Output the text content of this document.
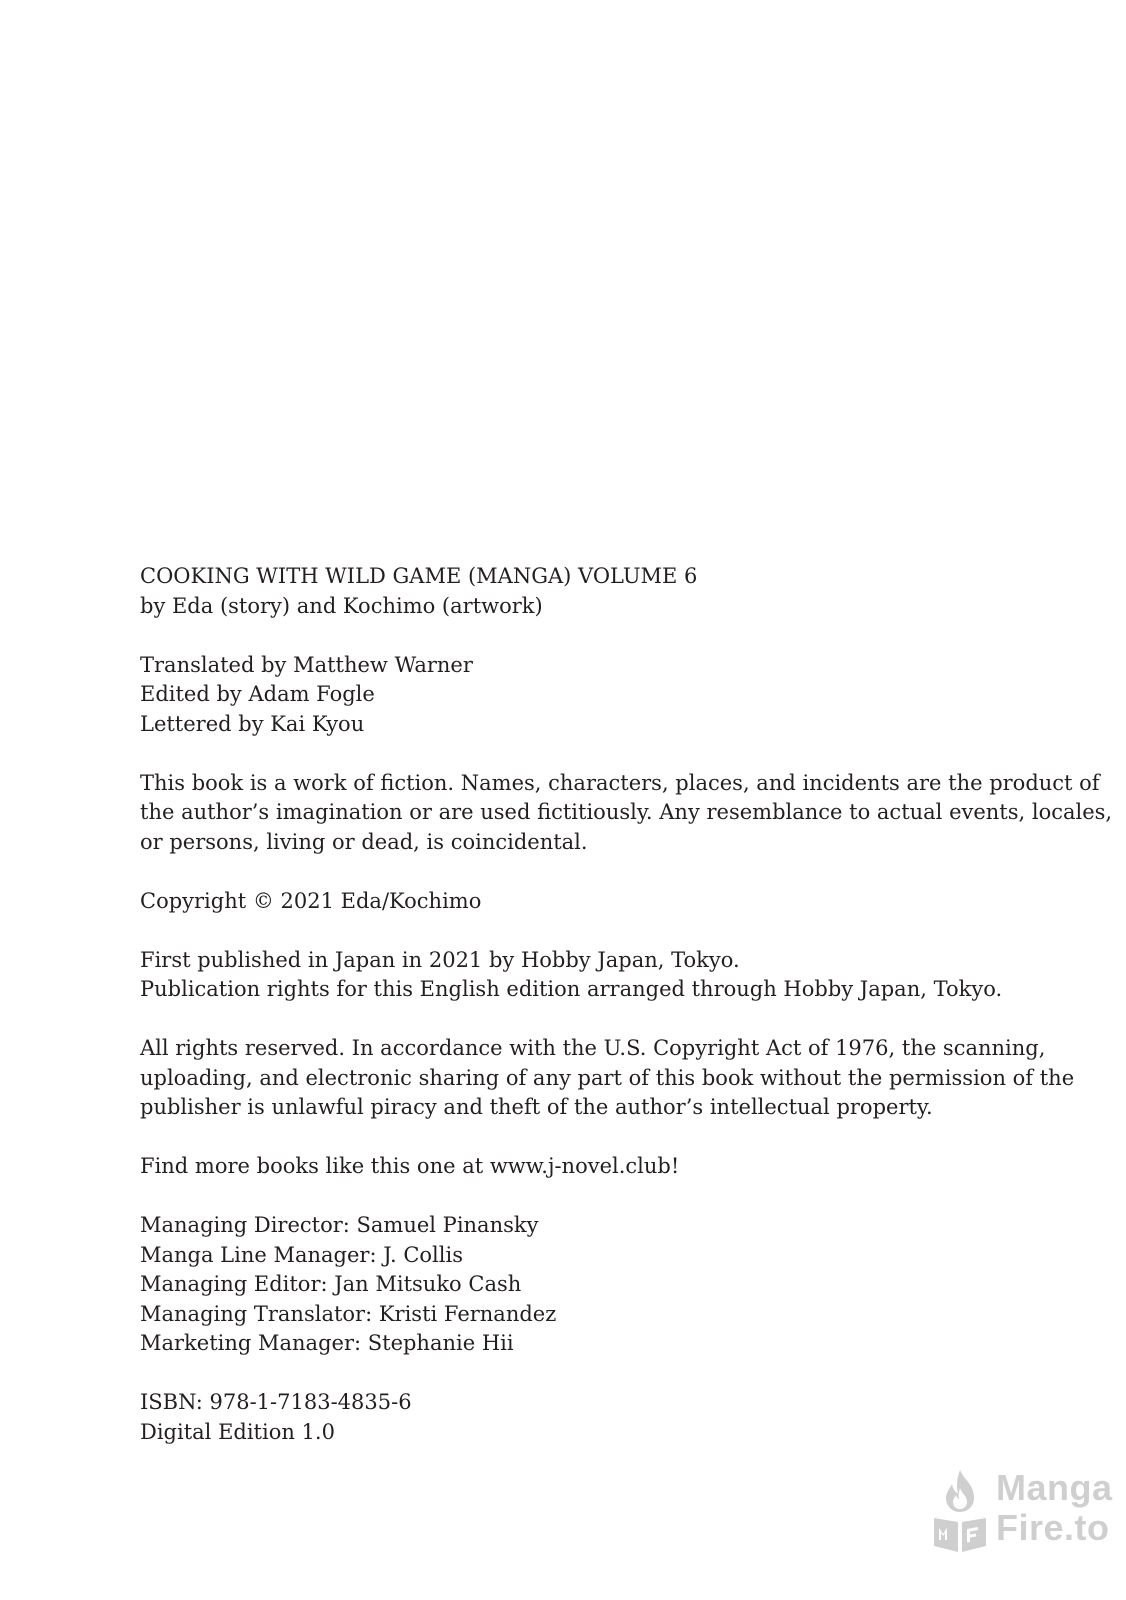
COOKING WITH WILD GAME (MANGA) VOLUME 6
by Eda (story) and Kochimo (artwork)

Translated by Matthew Warner
Edited by Adam Fogle
Lettered by Kai Kyou

This book is a work of fiction. Names, characters, places, and incidents are the product of
the author’s imagination or are used fictitiously. Any resemblance to actual events, locales,
or persons, living or dead, is coincidental.

Copyright © 2021 Eda/Kochimo

First published in Japan in 2021 by Hobby Japan, Tokyo.
Publication rights for this English edition arranged through Hobby Japan, Tokyo.

All rights reserved. In accordance with the U.S. Copyright Act of 1976, the scanning,
uploading, and electronic sharing of any part of this book without the permission of the
publisher is unlawful piracy and theft of the author’s intellectual property.

Find more books like this one at www.j-novel.club!

Managing Director: Samuel Pinansky
Manga Line Manager: J. Collis
Managing Editor: Jan Mitsuko Cash
Managing Translator: Kristi Fernandez
Marketing Manager: Stephanie Hii

ISBN: 978-1-7183-4835-6
Digital Edition 1.0

Manga
Fire.to
